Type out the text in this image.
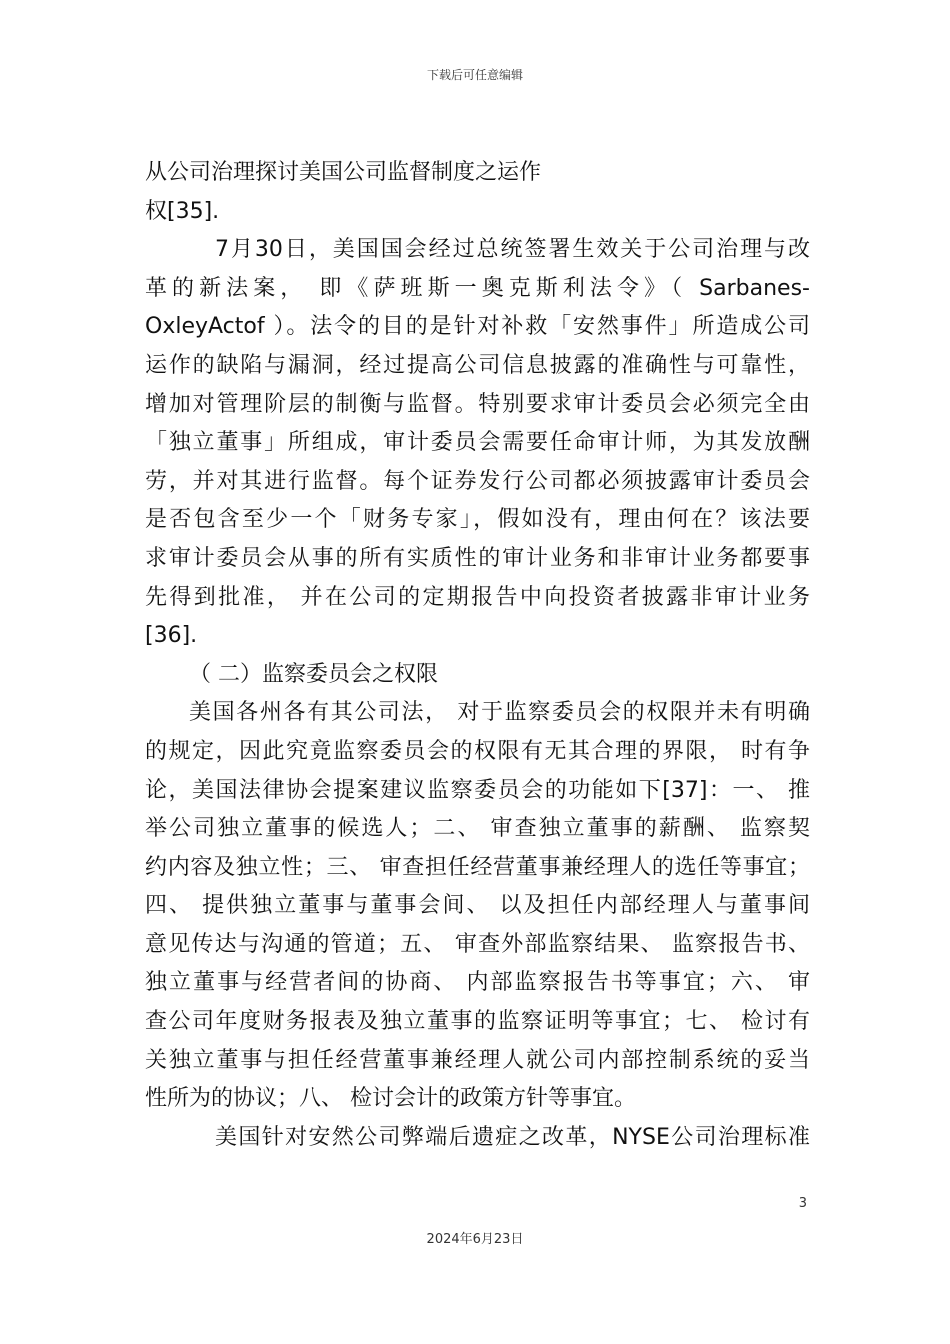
下载后可任意编辑
从公司治理探讨美国公司监督制度之运作
权[35].
7月30日，美国国会经过总统签署生效关于公司治理与改
革的新法案， 即《萨班斯一奥克斯利法令》（ Sarbanes-
OxleyActof ）。法令的目的是针对补救「安然事件」所造成公司
运作的缺陷与漏洞，经过提高公司信息披露的准确性与可靠性，
增加对管理阶层的制衡与监督。特别要求审计委员会必须完全由
「独立董事」所组成，审计委员会需要任命审计师，为其发放酬
劳，并对其进行监督。每个证券发行公司都必须披露审计委员会
是否包含至少一个「财务专家」，假如没有，理由何在？该法要
求审计委员会从事的所有实质性的审计业务和非审计业务都要事
先得到批准， 并在公司的定期报告中向投资者披露非审计业务
[36].
（ 二）监察委员会之权限
美国各州各有其公司法， 对于监察委员会的权限并未有明确
的规定，因此究竟监察委员会的权限有无其合理的界限， 时有争
论，美国法律协会提案建议监察委员会的功能如下[37]：一、 推
举公司独立董事的候选人；二、 审查独立董事的薪酬、 监察契
约内容及独立性；三、 审查担任经营董事兼经理人的选任等事宜；
四、 提供独立董事与董事会间、 以及担任内部经理人与董事间
意见传达与沟通的管道；五、 审查外部监察结果、 监察报告书、
独立董事与经营者间的协商、 内部监察报告书等事宜；六、 审
查公司年度财务报表及独立董事的监察证明等事宜；七、 检讨有
关独立董事与担任经营董事兼经理人就公司内部控制系统的妥当
性所为的协议；八、 检讨会计的政策方针等事宜。
美国针对安然公司弊端后遗症之改革，NYSE公司治理标准
3
2024年6月23日
